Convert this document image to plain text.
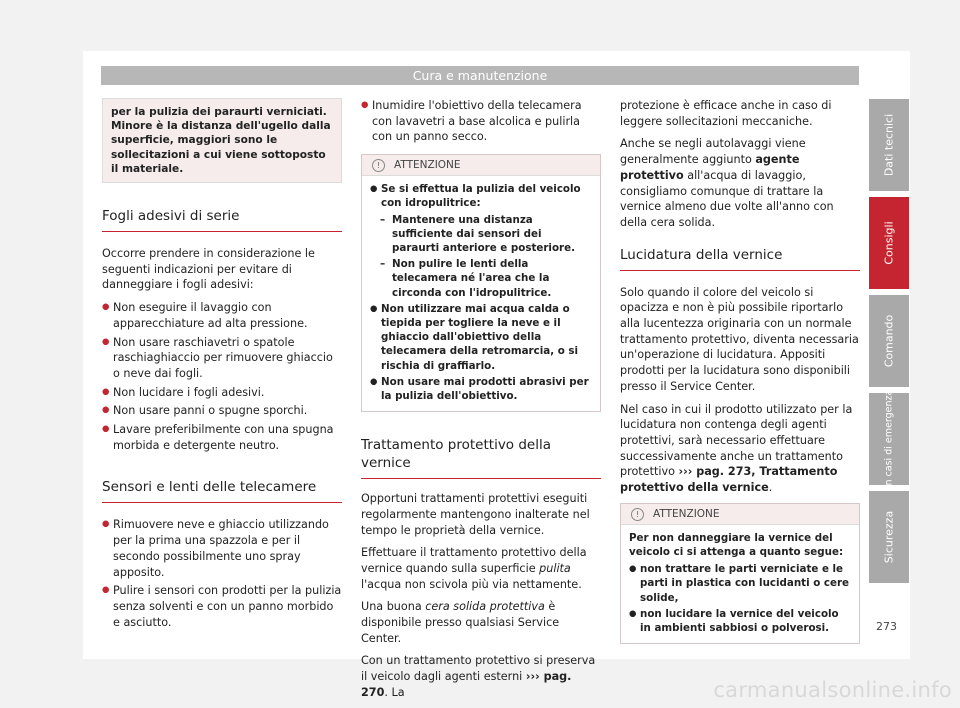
Cura e manutenzione
per la pulizia dei paraurti verniciati. Minore è la distanza dell'ugello dalla superficie, maggiori sono le sollecitazioni a cui viene sottoposto il materiale.
Fogli adesivi di serie

Occorre prendere in considerazione le seguenti indicazioni per evitare di danneggiare i fogli adesivi:

● Non eseguire il lavaggio con apparecchiature ad alta pressione.
● Non usare raschiavetri o spatole raschiaghiaccio per rimuovere ghiaccio o neve dai fogli.
● Non lucidare i fogli adesivi.
● Non usare panni o spugne sporchi.
● Lavare preferibilmente con una spugna morbida e detergente neutro.
Sensori e lenti delle telecamere
● Rimuovere neve e ghiaccio utilizzando per la prima una spazzola e per il secondo possibilmente uno spray apposito.
● Pulire i sensori con prodotti per la pulizia senza solventi e con un panno morbido e asciutto.
● Inumidire l'obiettivo della telecamera con lavavetri a base alcolica e pulirla con un panno secco.
! ATTENZIONE
● Se si effettua la pulizia del veicolo con idropulitrice:
– Mantenere una distanza sufficiente dai sensori dei paraurti anteriore e posteriore.
– Non pulire le lenti della telecamera né l'area che la circonda con l'idropulitrice.
● Non utilizzare mai acqua calda o tiepida per togliere la neve e il ghiaccio dall'obiettivo della telecamera della retromarcia, o si rischia di graffiarlo.
● Non usare mai prodotti abrasivi per la pulizia dell'obiettivo.
Trattamento protettivo della vernice

Opportuni trattamenti protettivi eseguiti regolarmente mantengono inalterate nel tempo le proprietà della vernice.

Effettuare il trattamento protettivo della vernice quando sulla superficie pulita l'acqua non scivola più via nettamente.

Una buona cera solida protettiva è disponibile presso qualsiasi Service Center.

Con un trattamento protettivo si preserva il veicolo dagli agenti esterni ››› pag. 270. La

protezione è efficace anche in caso di leggere sollecitazioni meccaniche.

Anche se negli autolavaggi viene generalmente aggiunto agente protettivo all'acqua di lavaggio, consigliamo comunque di trattare la vernice almeno due volte all'anno con della cera solida.

Lucidatura della vernice

Solo quando il colore del veicolo si opacizza e non è più possibile riportarlo alla lucentezza originaria con un normale trattamento protettivo, diventa necessaria un'operazione di lucidatura. Appositi prodotti per la lucidatura sono disponibili presso il Service Center.

Nel caso in cui il prodotto utilizzato per la lucidatura non contenga degli agenti protettivi, sarà necessario effettuare successivamente anche un trattamento protettivo ››› pag. 273, Trattamento protettivo della vernice.

! ATTENZIONE
Per non danneggiare la vernice del veicolo ci si attenga a quanto segue:
● non trattare le parti verniciate e le parti in plastica con lucidanti o cere solide,
● non lucidare la vernice del veicolo in ambienti sabbiosi o polverosi.
Dati tecnici
Consigli
Comando
In casi di emergenza
Sicurezza
273
carmanualsonline.info
